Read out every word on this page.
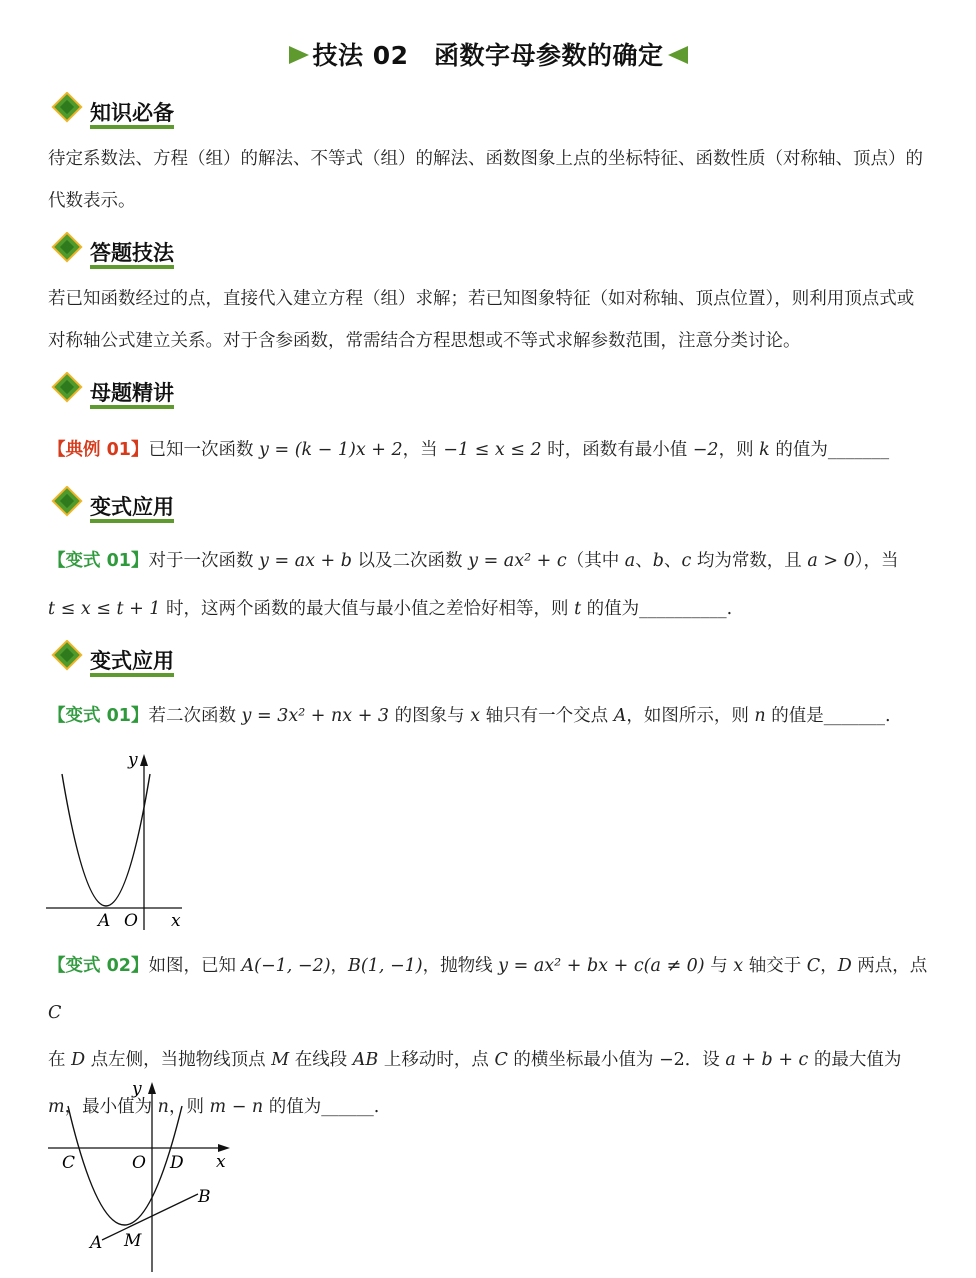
技法 02　函数字母参数的确定
知识必备
待定系数法、方程（组）的解法、不等式（组）的解法、函数图象上点的坐标特征、函数性质（对称轴、顶点）的代数表示。
答题技法
若已知函数经过的点，直接代入建立方程（组）求解；若已知图象特征（如对称轴、顶点位置），则利用顶点式或对称轴公式建立关系。对于含参函数，常需结合方程思想或不等式求解参数范围，注意分类讨论。
母题精讲
【典例 01】已知一次函数 y = (k − 1)x + 2，当 −1 ≤ x ≤ 2 时，函数有最小值 −2，则 k 的值为_______
变式应用
【变式 01】对于一次函数 y = ax + b 以及二次函数 y = ax² + c（其中 a、b、c 均为常数，且 a > 0），当
t ≤ x ≤ t + 1 时，这两个函数的最大值与最小值之差恰好相等，则 t 的值为__________.
变式应用
【变式 01】若二次函数 y = 3x² + nx + 3 的图象与 x 轴只有一个交点 A，如图所示，则 n 的值是_______.
y
x
A O
【变式 02】如图，已知 A(−1, −2)，B(1, −1)，抛物线 y = ax² + bx + c(a ≠ 0) 与 x 轴交于 C，D 两点，点 C
在 D 点左侧，当抛物线顶点 M 在线段 AB 上移动时，点 C 的横坐标最小值为 −2．设 a + b + c 的最大值为
m，最小值为 n，则 m − n 的值为______.
y
x
C	O D
B
A M
